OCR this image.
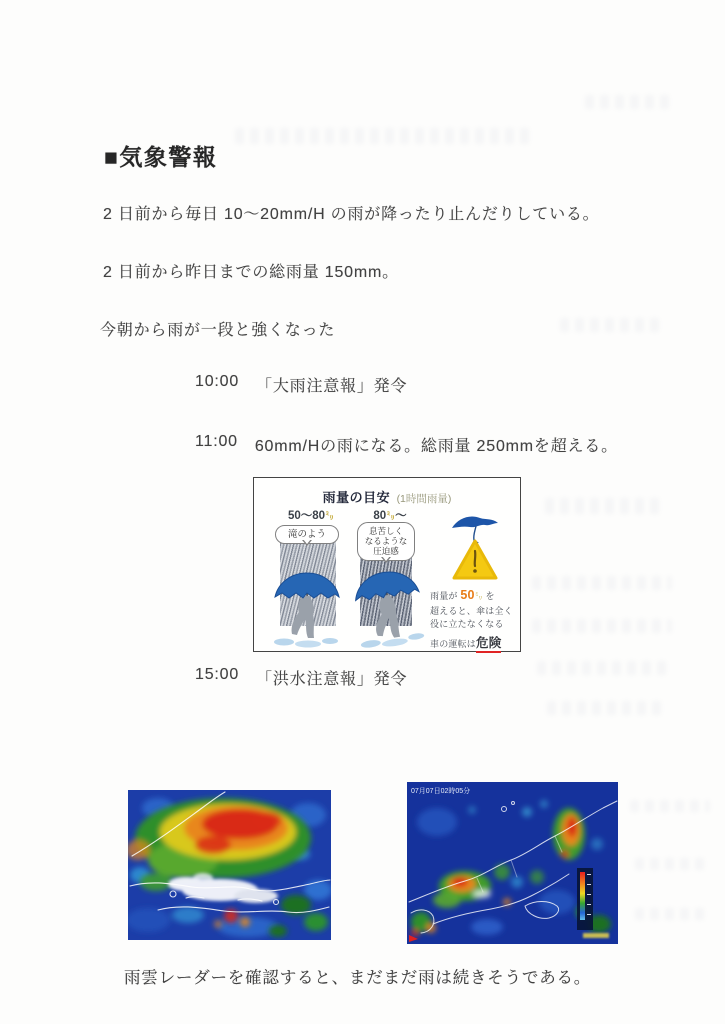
■気象警報

2 日前から毎日 10～20mm/H の雨が降ったり止んだりしている。

2 日前から昨日までの総雨量 150mm。

今朝から雨が一段と強くなった

10:00 「大雨注意報」発令
11:00 60mm/Hの雨になる。総雨量 250mmを超える。
雨量の目安 (1時間雨量)
50～80㍉	80㍉～
滝のよう	息苦しく
なるような
圧迫感
雨量が 50㍉ を
超えると、傘は全く
役に立たなくなる
車の運転は危険
15:00 「洪水注意報」発令
07月07日02時05分

雨雲レーダーを確認すると、まだまだ雨は続きそうである。
